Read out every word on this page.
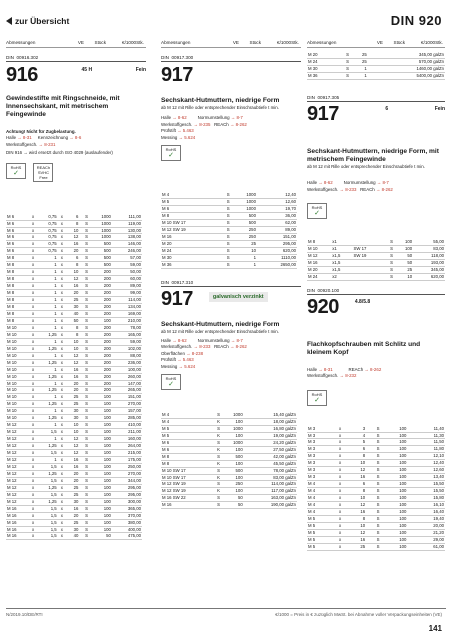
zur Übersicht	DIN 920
Abmessungen	VE	Stück	€/1000Stk.
DIN 00916.302
916	45 H	Fein
Gewindestifte mit Ringschneide, mit Innensechskant, mit metrischem Feingewinde
Achtung! Nicht für Zugbelastung.
Halle → 8-31 Kennzeichnung → 8-6
Werkstoffgesch. → 8-231
DIN 916 → wird ersetzt durch ISO 4029 (auslaufender)
RoHS
✓
REACh SVHC Free
M 6	x	0,75	x	6	S	1000	111,00
M 6	x	0,75	x	8	S	1000	119,00
M 6	x	0,75	x	10	S	1000	130,00
M 6	x	0,75	x	12	S	1000	138,00
M 6	x	0,75	x	16	S	500	146,00
M 6	x	0,75	x	20	S	500	246,00
M 8	x	1	x	6	S	500	57,00
M 8	x	1	x	8	S	500	59,00
M 8	x	1	x	10	S	200	50,00
M 8	x	1	x	12	S	200	60,00
M 8	x	1	x	16	S	200	89,00
M 8	x	1	x	20	S	200	99,00
M 8	x	1	x	25	S	200	114,00
M 8	x	1	x	30	S	200	134,00
M 8	x	1	x	40	S	200	169,00
M 8	x	1	x	50	S	100	210,00
M 10	x	1	x	8	S	200	78,00
M 10	x	1,25	x	8	S	200	165,00
M 10	x	1	x	10	S	200	59,00
M 10	x	1,25	x	10	S	200	102,00
M 10	x	1	x	12	S	200	88,00
M 10	x	1,25	x	12	S	200	236,00
M 10	x	1	x	16	S	200	100,00
M 10	x	1,25	x	16	S	200	260,00
M 10	x	1	x	20	S	200	147,00
M 10	x	1,25	x	20	S	200	265,00
M 10	x	1	x	25	S	100	151,00
M 10	x	1,25	x	25	S	100	270,00
M 10	x	1	x	30	S	100	157,00
M 10	x	1,25	x	30	S	100	285,00
M 12	x	1	x	10	S	100	410,00
M 12	x	1,5	x	10	S	100	211,00
M 12	x	1	x	12	S	100	160,00
M 12	x	1,25	x	12	S	100	264,00
M 12	x	1,5	x	12	S	100	215,00
M 12	x	1	x	16	S	100	175,00
M 12	x	1,5	x	16	S	100	250,00
M 12	x	1,25	x	20	S	100	270,00
M 12	x	1,5	x	20	S	100	344,00
M 12	x	1,25	x	25	S	100	295,00
M 12	x	1,5	x	25	S	100	295,00
M 12	x	1,25	x	30	S	100	300,00
M 16	x	1,5	x	16	S	100	365,00
M 16	x	1,5	x	20	S	100	370,00
M 16	x	1,5	x	25	S	100	380,00
M 16	x	1,5	x	30	S	100	400,00
M 16	x	1,5	x	40	S	50	475,00
Abmessungen	VE	Stück	€/1000Stk.
DIN 00917.300
917
Sechskant-Hutmuttern, niedrige Form
ab M 12 mit Rille oder entsprechender Einschraubtiefe t min.
Halle → 8-62 Normumstellung → 8-7
Werkstoffgesch. → 8-235 REACh → 8-262
Prüfstift → 5.463
Messing → 5.624
RoHS
✓
M 4	S	1000	12,40
M 5	S	1000	12,60
M 6	S	1000	19,70
M 8	S	500	36,00
M 10 SW 17	S	500	62,00
M 12 SW 19	S	250	89,00
M 16	S	250	151,00
M 20	S	25	295,00
M 24	S	10	620,00
M 30	S	1	1110,00
M 36	S	1	2650,00
DIN 00917.310
917	galvanisch verzinkt
Sechskant-Hutmuttern, niedrige Form
ab M 12 mit Rille oder entsprechender Einschraubtiefe t min.
Halle → 8-62 Normumstellung → 8-7
Werkstoffgesch. → 8-233 REACh → 8-262
Oberflächen → 8-238
Prüfstift → 5.463
Messing → 5.624
RoHS
✓
M 4	S	1000	15,40 galZn
M 4	K	100	18,00 galZn
M 5	S	1000	16,80 galZn
M 5	K	100	19,00 galZn
M 6	S	1000	24,20 galZn
M 6	K	100	27,50 galZn
M 8	S	500	42,00 galZn
M 8	K	100	45,50 galZn
M 10 SW 17	S	500	78,00 galZn
M 10 SW 17	K	100	83,00 galZn
M 12 SW 19	S	250	114,00 galZn
M 12 SW 19	K	100	117,00 galZn
M 16 SW 22	S	50	163,00 galZn
M 16	S	50	190,00 galZn
Abmessungen	VE	Stück	€/1000Stk.
M 20	S	25	345,00 galZn
M 24	S	25	570,00 galZn
M 30	S	1	1460,00 galZn
M 36	S	1	5400,00 galZn
DIN 00917.305
917	6	Fein
Sechskant-Hutmuttern, niedrige Form, mit metrischem Feingewinde
ab M 12 mit Rille oder entsprechender Einschraubtiefe t min.
Halle → 8-62 Normumstellung → 8-7
Werkstoffgesch. → 8-233 REACh → 8-262
RoHS
✓
M 8	x1		S	100	55,00
M 10	x1	SW 17	S	100	83,00
M 12	x1,5	SW 19	S	50	118,00
M 16	x1,5		S	50	193,00
M 20	x1,5		S	25	345,00
M 24	x2		S	10	620,00
DIN 00920.100
920	4.8/5.8
Flachkopfschrauben mit Schlitz und kleinem Kopf
Halle → 8-31	REACh → 8-262
Werkstoffgesch. → 8-232
RoHS
✓
M 3	x	3	S	100	11,40
M 3	x	4	S	100	11,30
M 3	x	5	S	100	11,50
M 3	x	6	S	100	11,80
M 3	x	8	S	100	12,10
M 3	x	10	S	100	12,40
M 3	x	12	S	100	12,60
M 3	x	16	S	100	13,40
M 4	x	6	S	100	15,50
M 4	x	8	S	100	15,50
M 4	x	10	S	100	15,80
M 4	x	12	S	100	16,10
M 4	x	16	S	100	16,40
M 5	x	8	S	100	19,40
M 5	x	10	S	100	20,00
M 5	x	12	S	100	21,20
M 5	x	16	S	100	29,00
M 5	x	25	S	100	61,00
N/2019.10/DE/RTI	€/1000 = Preis in € zuzüglich MwSt. bei Abnahme voller Verpackungseinheiten (VE)
141
